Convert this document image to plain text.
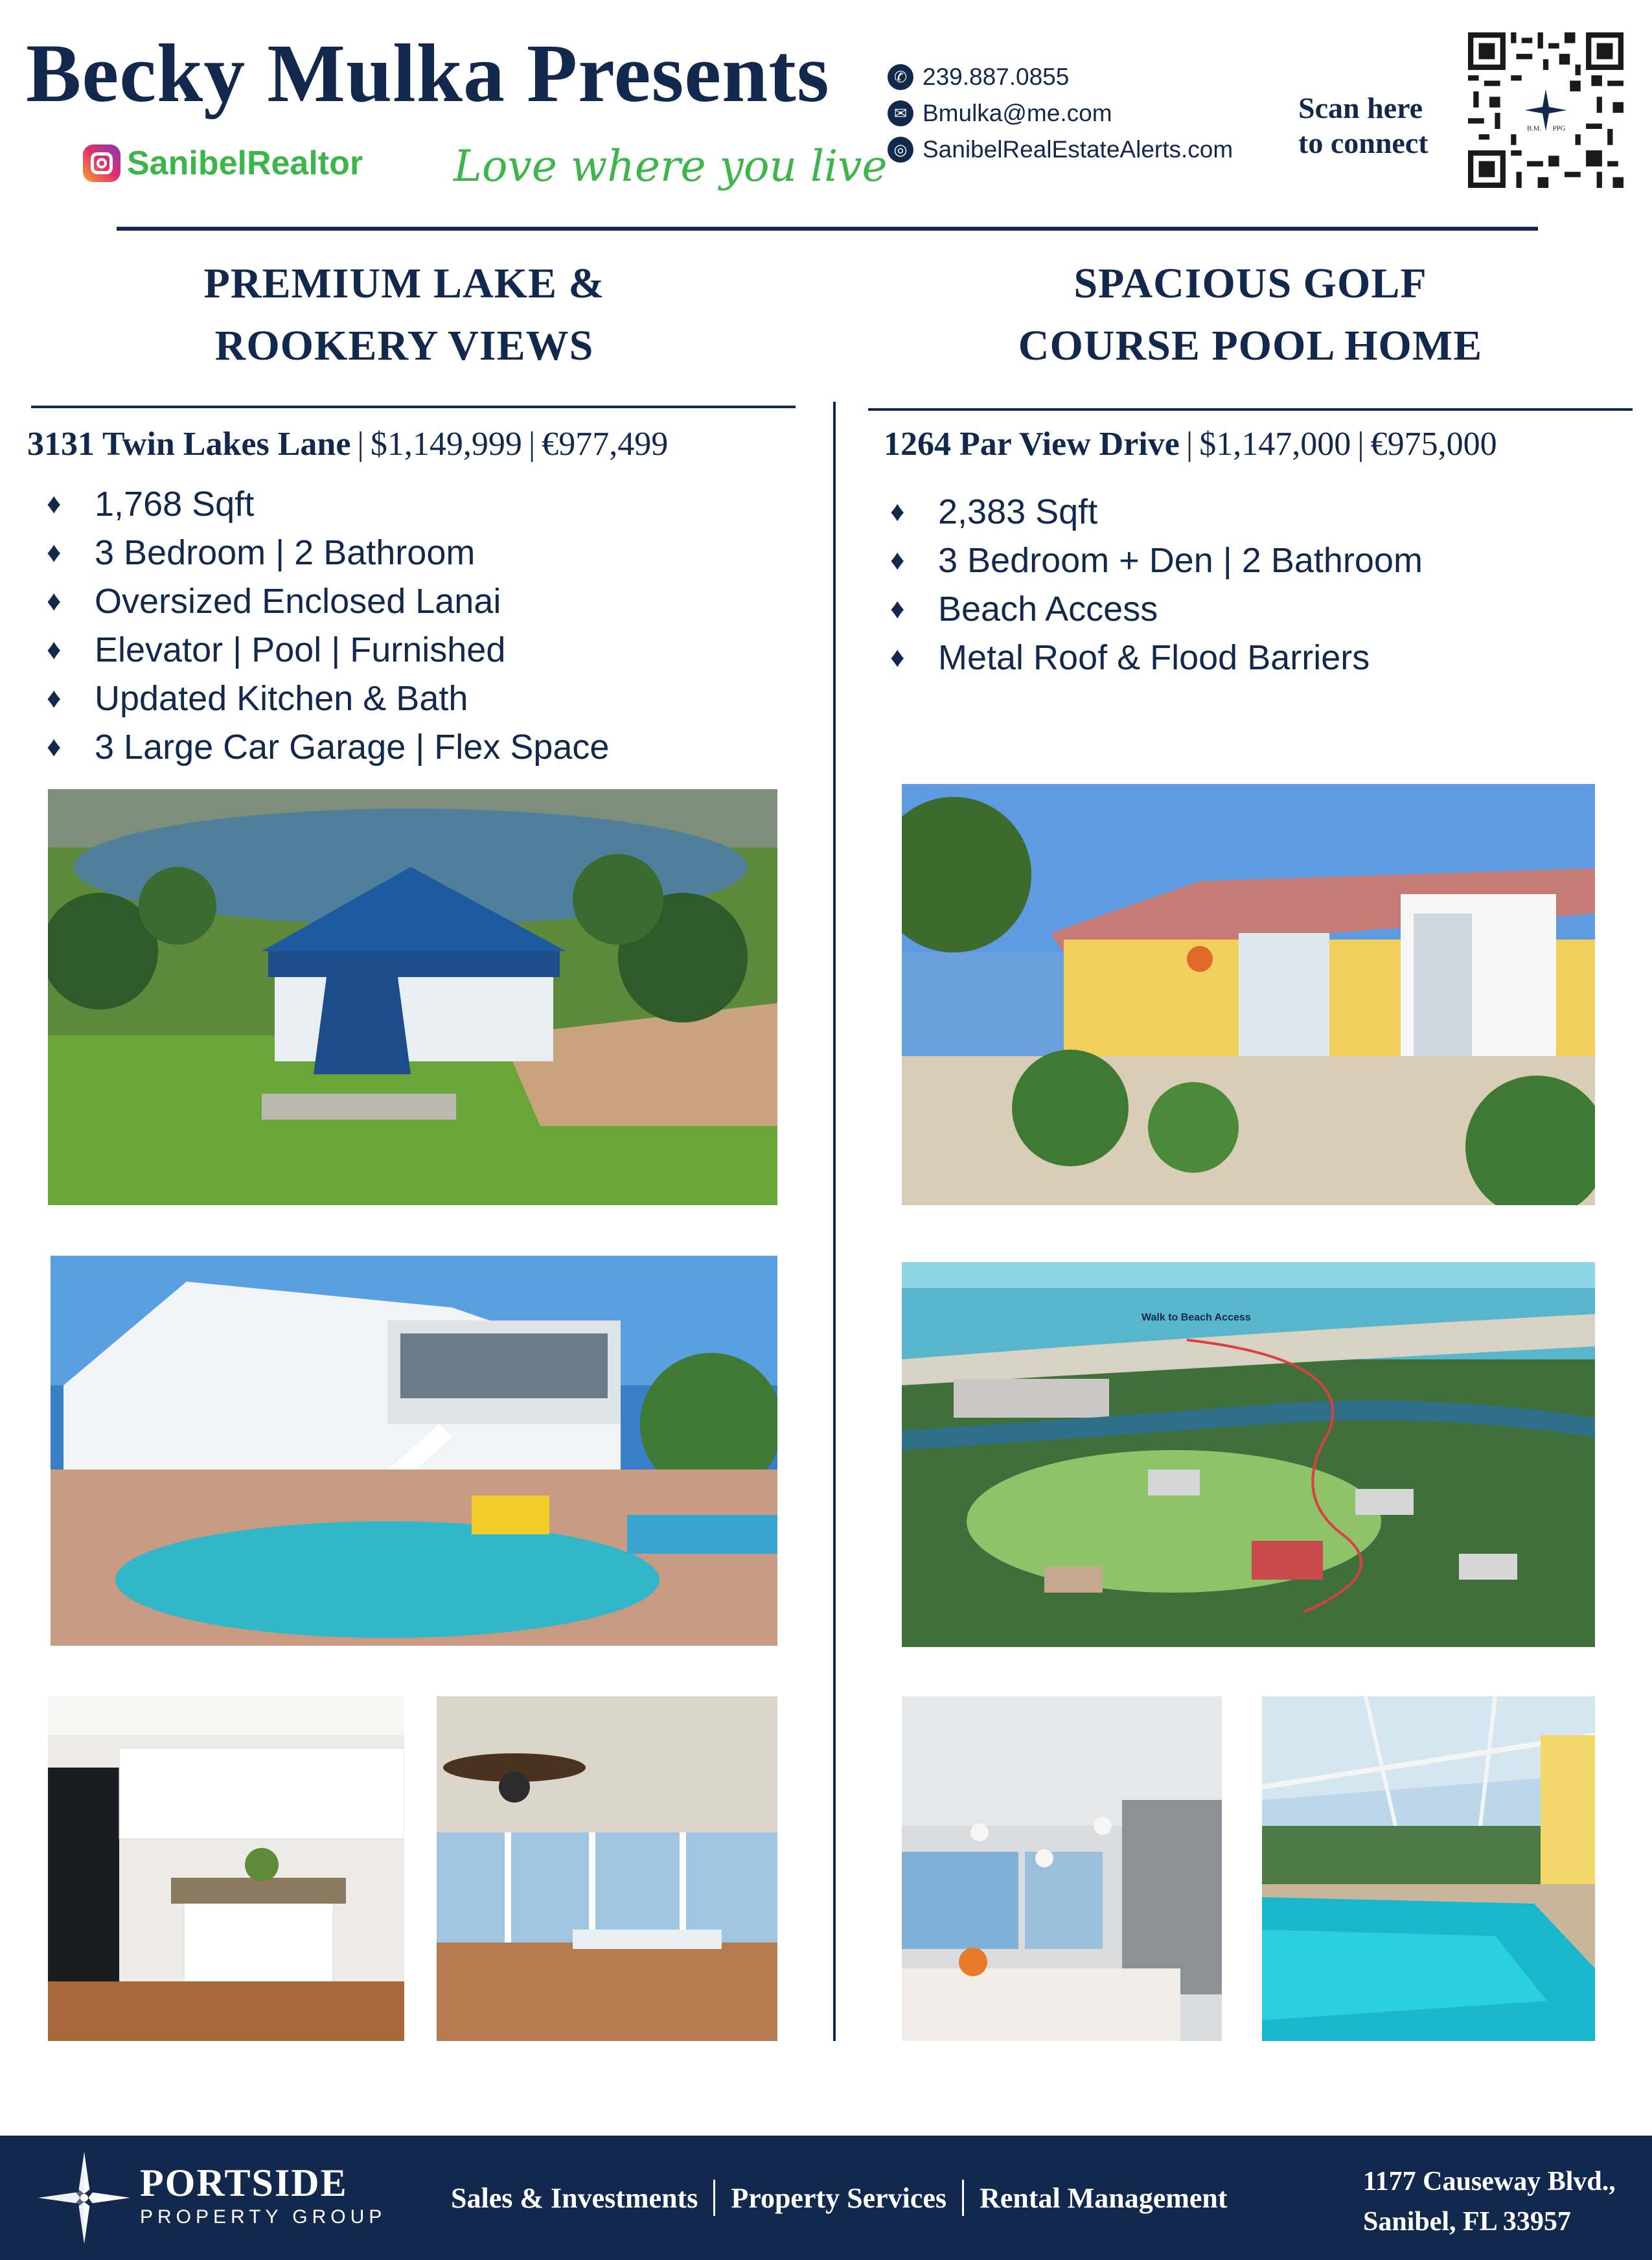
Becky Mulka Presents
SanibelRealtor Love where you live
✆ 239.887.0855
✉ Bmulka@me.com
◎ SanibelRealEstateAlerts.com
Scan here
to connect	B.M.	PPG
PREMIUM LAKE &
ROOKERY VIEWS
3131 Twin Lakes Lane | $1,149,999 | €977,499
♦ 1,768 Sqft
♦ 3 Bedroom | 2 Bathroom
♦ Oversized Enclosed Lanai
♦ Elevator | Pool | Furnished
♦ Updated Kitchen & Bath
♦ 3 Large Car Garage | Flex Space
SPACIOUS GOLF
COURSE POOL HOME
1264 Par View Drive | $1,147,000 | €975,000
♦ 2,383 Sqft
♦ 3 Bedroom + Den | 2 Bathroom
♦ Beach Access
♦ Metal Roof & Flood Barriers
Walk to Beach Access
PORTSIDE
PROPERTY GROUP
Sales & Investments Property Services Rental Management
1177 Causeway Blvd.,
Sanibel, FL 33957
